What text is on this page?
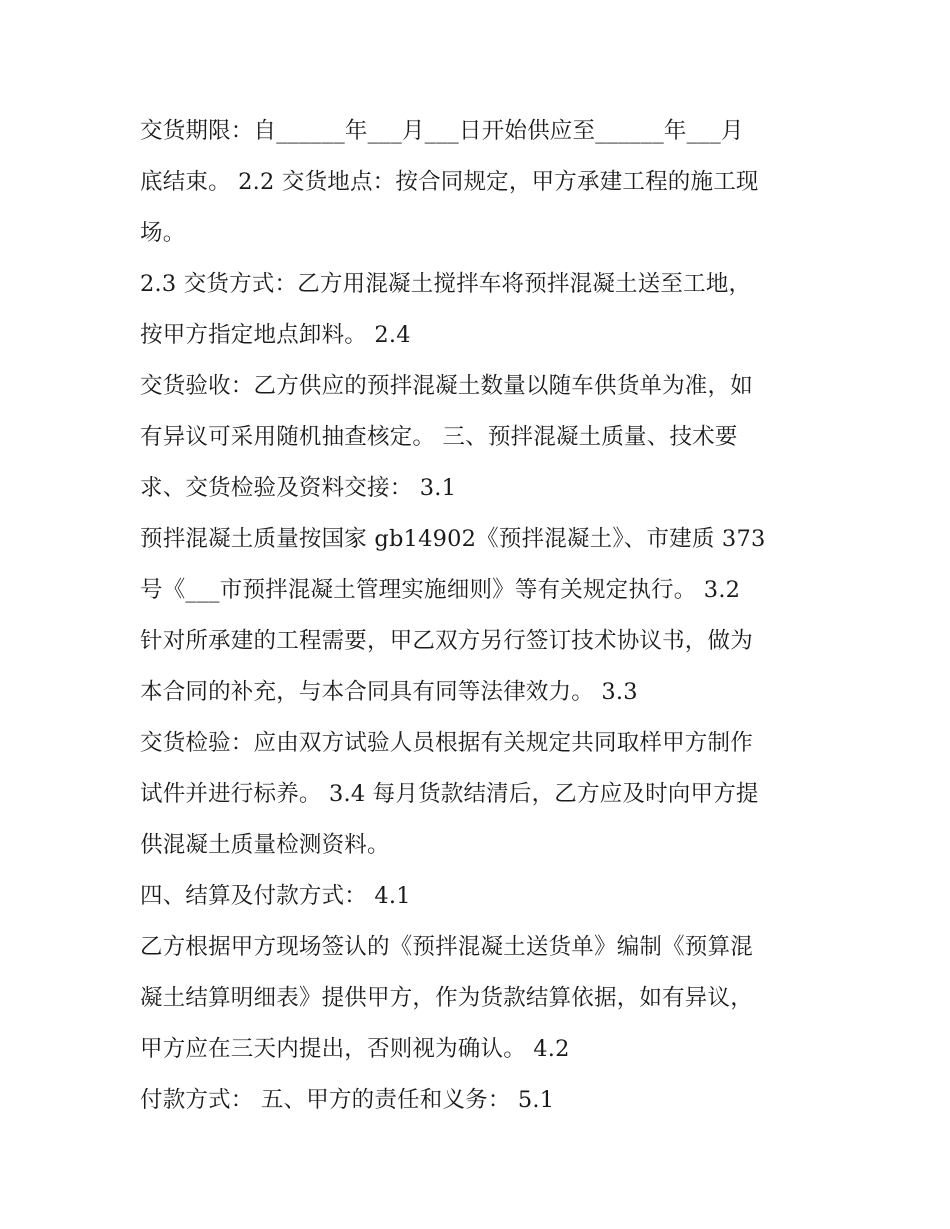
交货期限：自______年___月___日开始供应至______年___月
底结束。 2.2 交货地点：按合同规定，甲方承建工程的施工现
场。
2.3 交货方式：乙方用混凝土搅拌车将预拌混凝土送至工地，
按甲方指定地点卸料。 2.4
交货验收：乙方供应的预拌混凝土数量以随车供货单为准，如
有异议可采用随机抽查核定。 三、预拌混凝土质量、技术要
求、交货检验及资料交接： 3.1
预拌混凝土质量按国家 gb14902《预拌混凝土》、市建质 373
号《___市预拌混凝土管理实施细则》等有关规定执行。 3.2
针对所承建的工程需要，甲乙双方另行签订技术协议书，做为
本合同的补充，与本合同具有同等法律效力。 3.3
交货检验：应由双方试验人员根据有关规定共同取样甲方制作
试件并进行标养。 3.4 每月货款结清后，乙方应及时向甲方提
供混凝土质量检测资料。
四、结算及付款方式： 4.1
乙方根据甲方现场签认的《预拌混凝土送货单》编制《预算混
凝土结算明细表》提供甲方，作为货款结算依据，如有异议，
甲方应在三天内提出，否则视为确认。 4.2
付款方式： 五、甲方的责任和义务： 5.1
